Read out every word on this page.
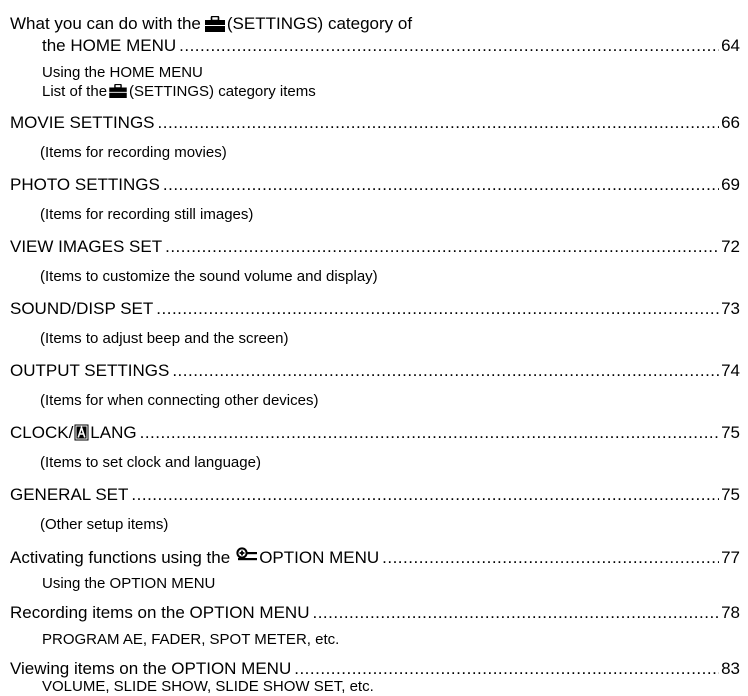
What you can do with the (SETTINGS) category of
the HOME MENU .....	64
Using the HOME MENU
List of the (SETTINGS) category items
MOVIE SETTINGS .....	66
(Items for recording movies)
PHOTO SETTINGS .....	69
(Items for recording still images)
VIEW IMAGES SET .....	72
(Items to customize the sound volume and display)
SOUND/DISP SET .....	73
(Items to adjust beep and the screen)
OUTPUT SETTINGS .....	74
(Items for when connecting other devices)
CLOCK/ LANG .....	75
(Items to set clock and language)
GENERAL SET .....	75
(Other setup items)
Activating functions using the OPTION MENU .....	77
Using the OPTION MENU
Recording items on the OPTION MENU .....	78
PROGRAM AE, FADER, SPOT METER, etc.
Viewing items on the OPTION MENU .....	83
VOLUME, SLIDE SHOW, SLIDE SHOW SET, etc.
